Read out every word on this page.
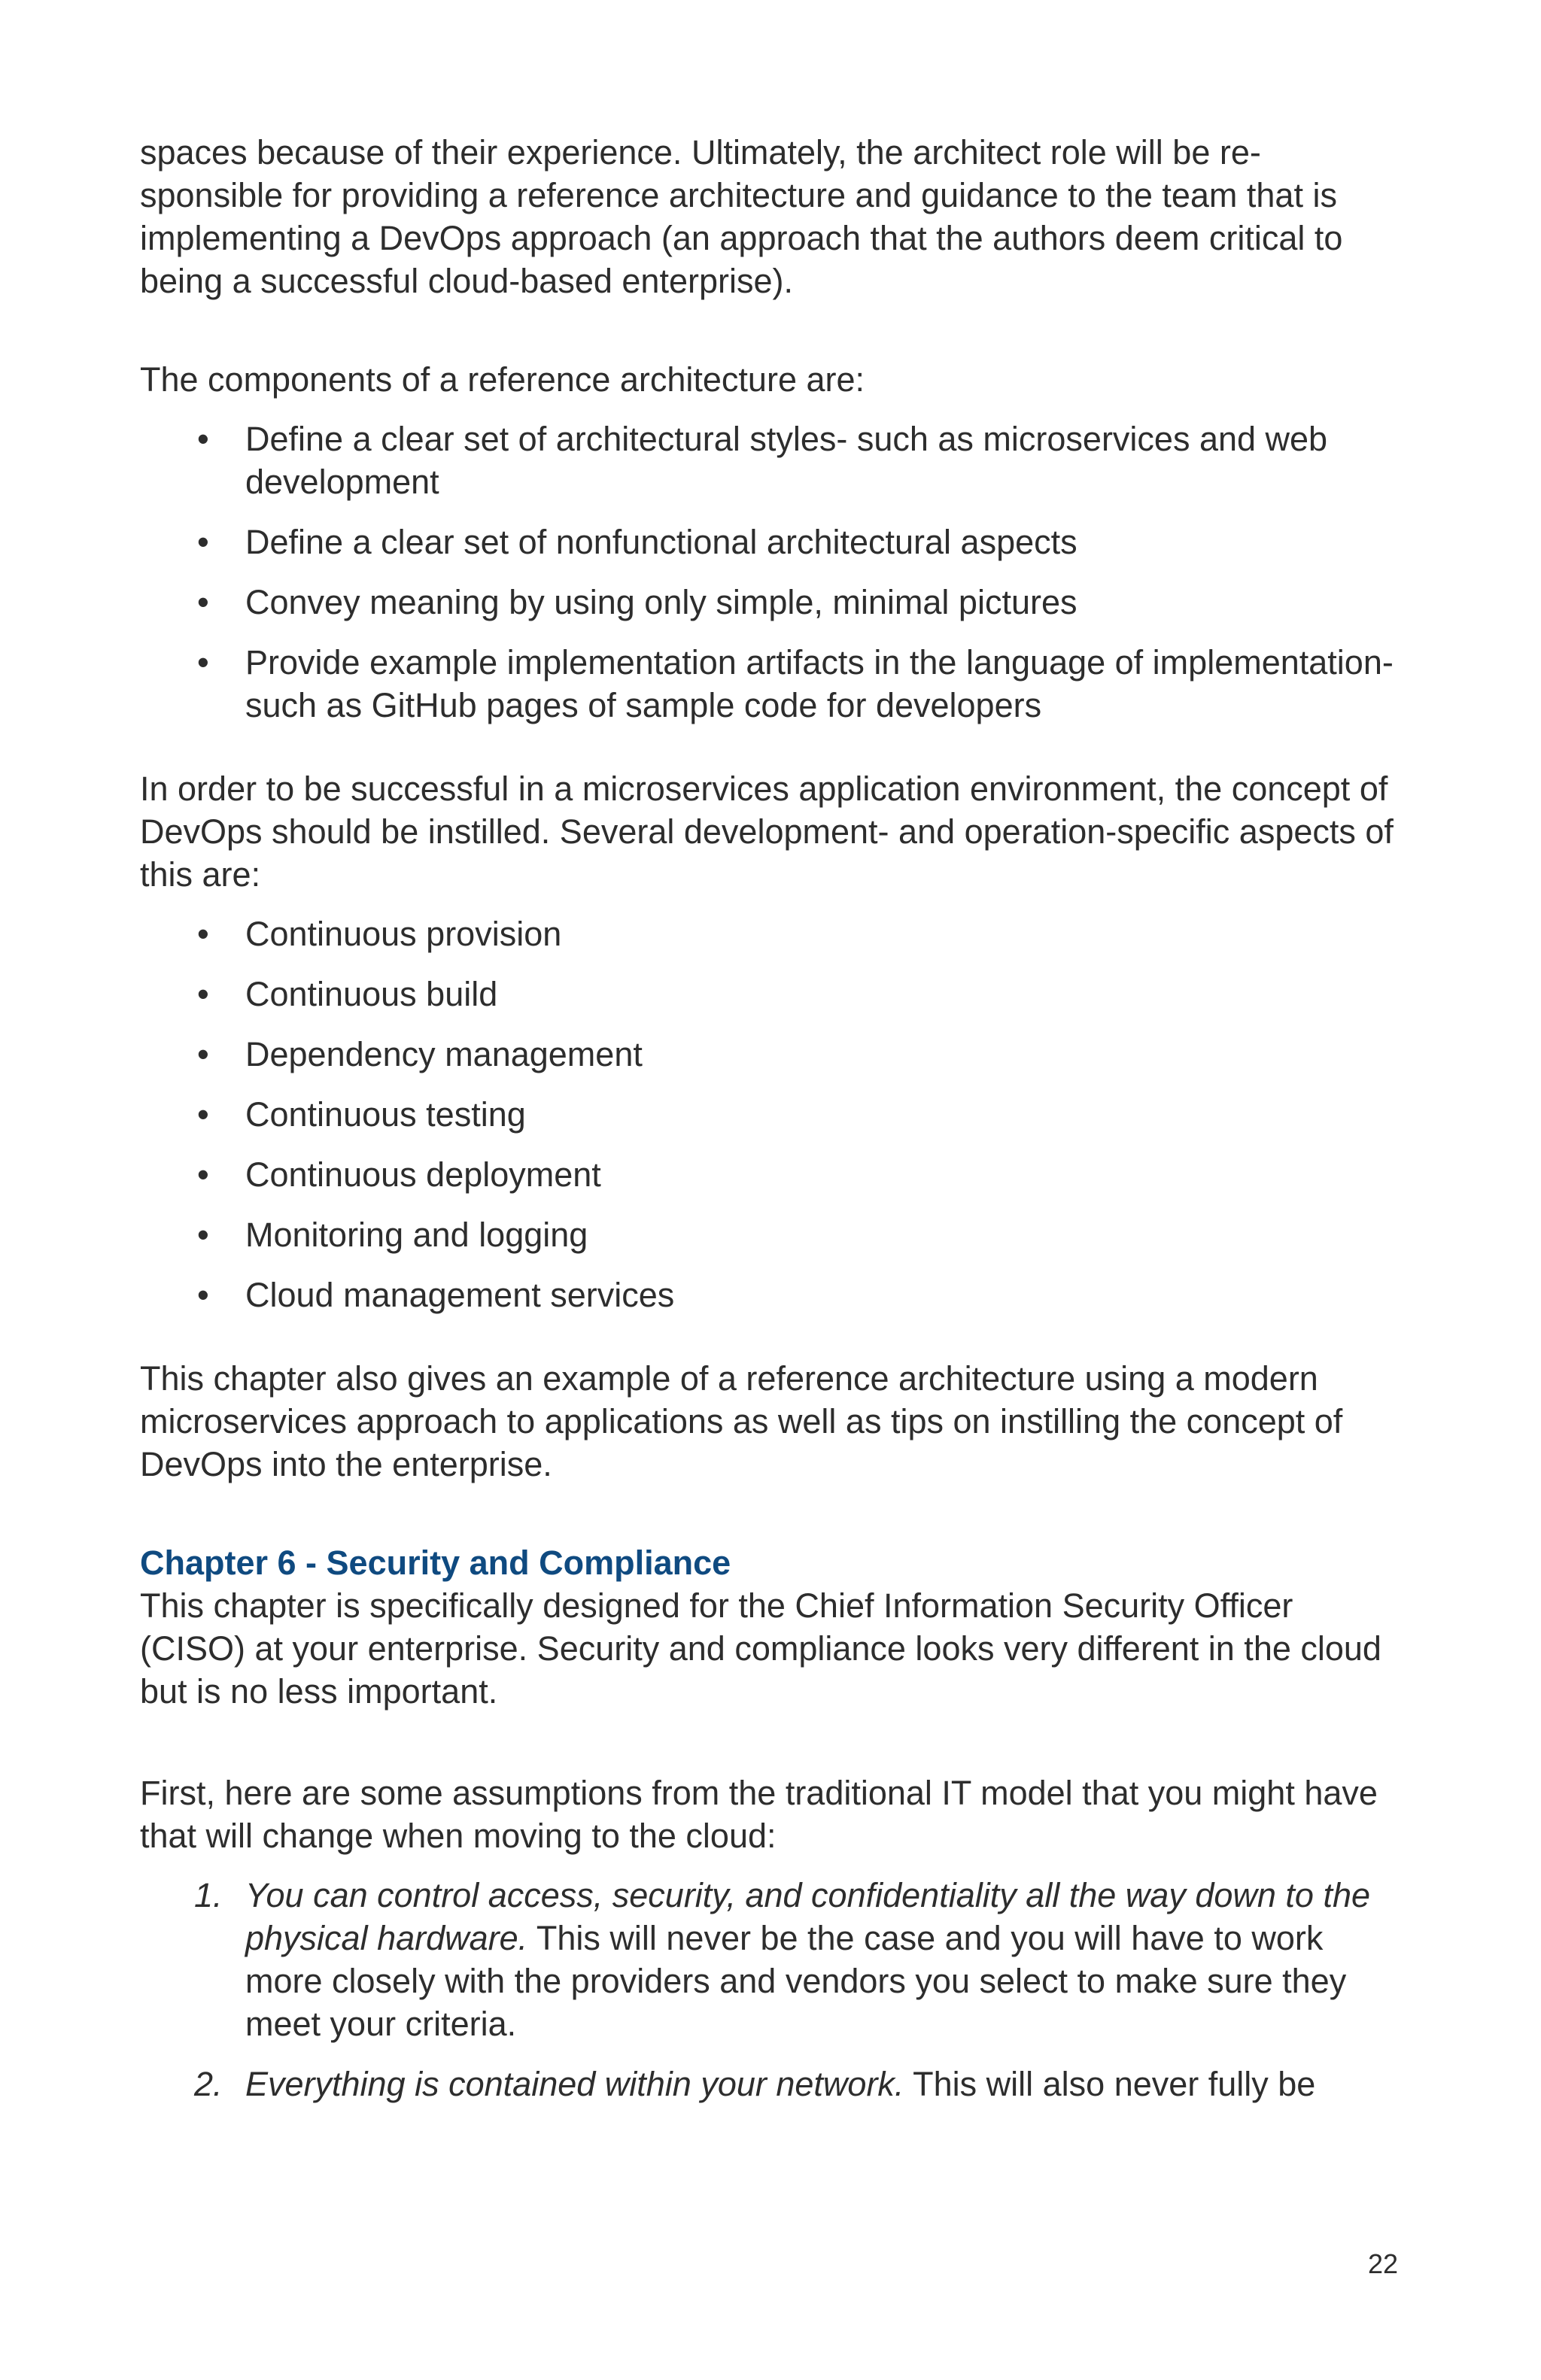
spaces because of their experience. Ultimately, the architect role will be re-sponsible for providing a reference architecture and guidance to the team that is implementing a DevOps approach (an approach that the authors deem critical to being a successful cloud-based enterprise).

The components of a reference architecture are:

• Define a clear set of architectural styles- such as microservices and web development
• Define a clear set of nonfunctional architectural aspects
• Convey meaning by using only simple, minimal pictures
• Provide example implementation artifacts in the language of implementation- such as GitHub pages of sample code for developers

In order to be successful in a microservices application environment, the concept of DevOps should be instilled. Several development- and operation-specific aspects of this are:

• Continuous provision
• Continuous build
• Dependency management
• Continuous testing
• Continuous deployment
• Monitoring and logging
• Cloud management services

This chapter also gives an example of a reference architecture using a modern microservices approach to applications as well as tips on instilling the concept of DevOps into the enterprise.

Chapter 6 - Security and Compliance

This chapter is specifically designed for the Chief Information Security Officer (CISO) at your enterprise. Security and compliance looks very different in the cloud but is no less important.

First, here are some assumptions from the traditional IT model that you might have that will change when moving to the cloud:

1. You can control access, security, and confidentiality all the way down to the physical hardware. This will never be the case and you will have to work more closely with the providers and vendors you select to make sure they meet your criteria.
2. Everything is contained within your network. This will also never fully be
22
